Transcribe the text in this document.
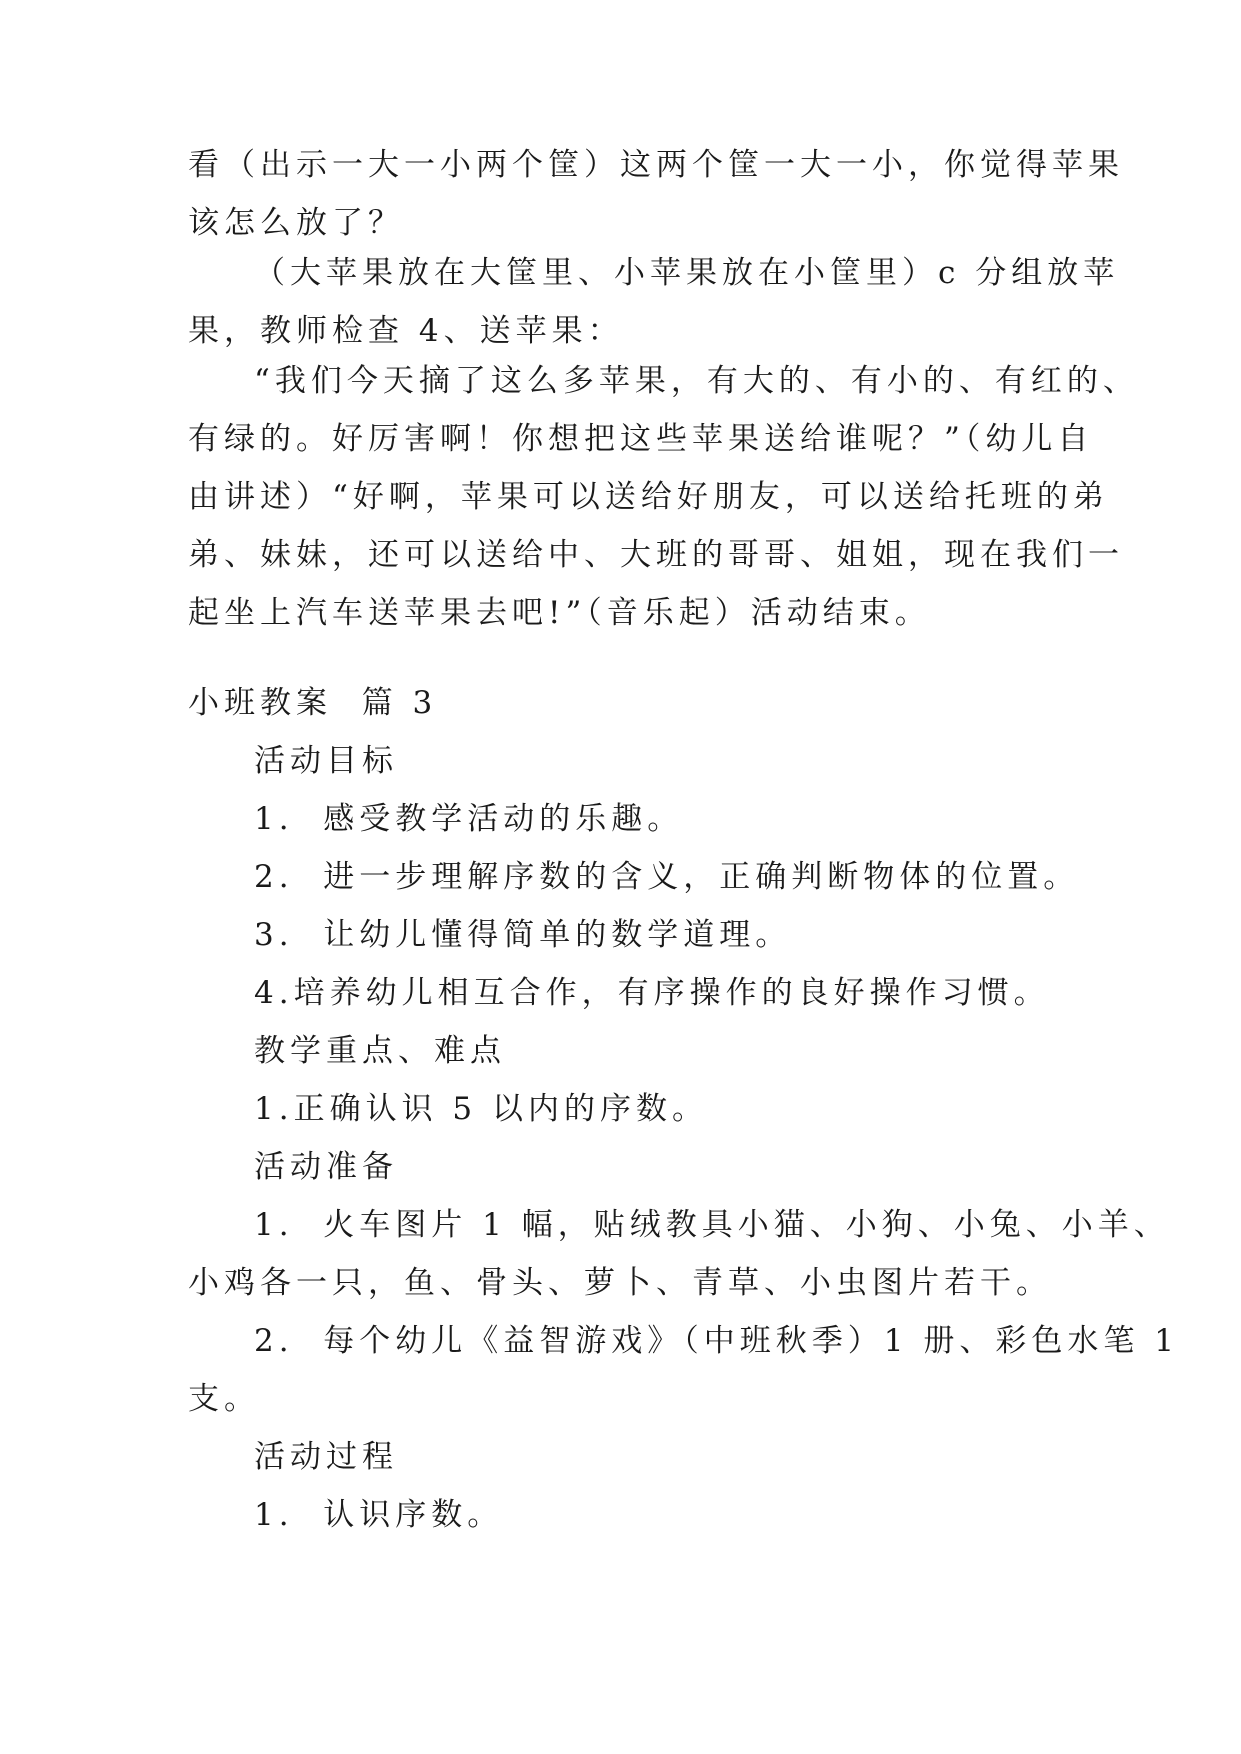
看（出示一大一小两个筐）这两个筐一大一小，你觉得苹果
该怎么放了？

（大苹果放在大筐里、小苹果放在小筐里）c 分组放苹
果，教师检查 4、送苹果：

“我们今天摘了这么多苹果，有大的、有小的、有红的、
有绿的。好厉害啊！你想把这些苹果送给谁呢？”（幼儿自
由讲述）“好啊，苹果可以送给好朋友，可以送给托班的弟
弟、妹妹，还可以送给中、大班的哥哥、姐姐，现在我们一
起坐上汽车送苹果去吧!”（音乐起）活动结束。

小班教案  篇 3

活动目标

1.  感受教学活动的乐趣。

2.  进一步理解序数的含义，正确判断物体的位置。

3.  让幼儿懂得简单的数学道理。

4.培养幼儿相互合作，有序操作的良好操作习惯。

教学重点、难点

1.正确认识 5 以内的序数。

活动准备

1.  火车图片 1 幅，贴绒教具小猫、小狗、小兔、小羊、
小鸡各一只，鱼、骨头、萝卜、青草、小虫图片若干。

2.  每个幼儿《益智游戏》（中班秋季）1 册、彩色水笔 1
支。

活动过程

1.  认识序数。
